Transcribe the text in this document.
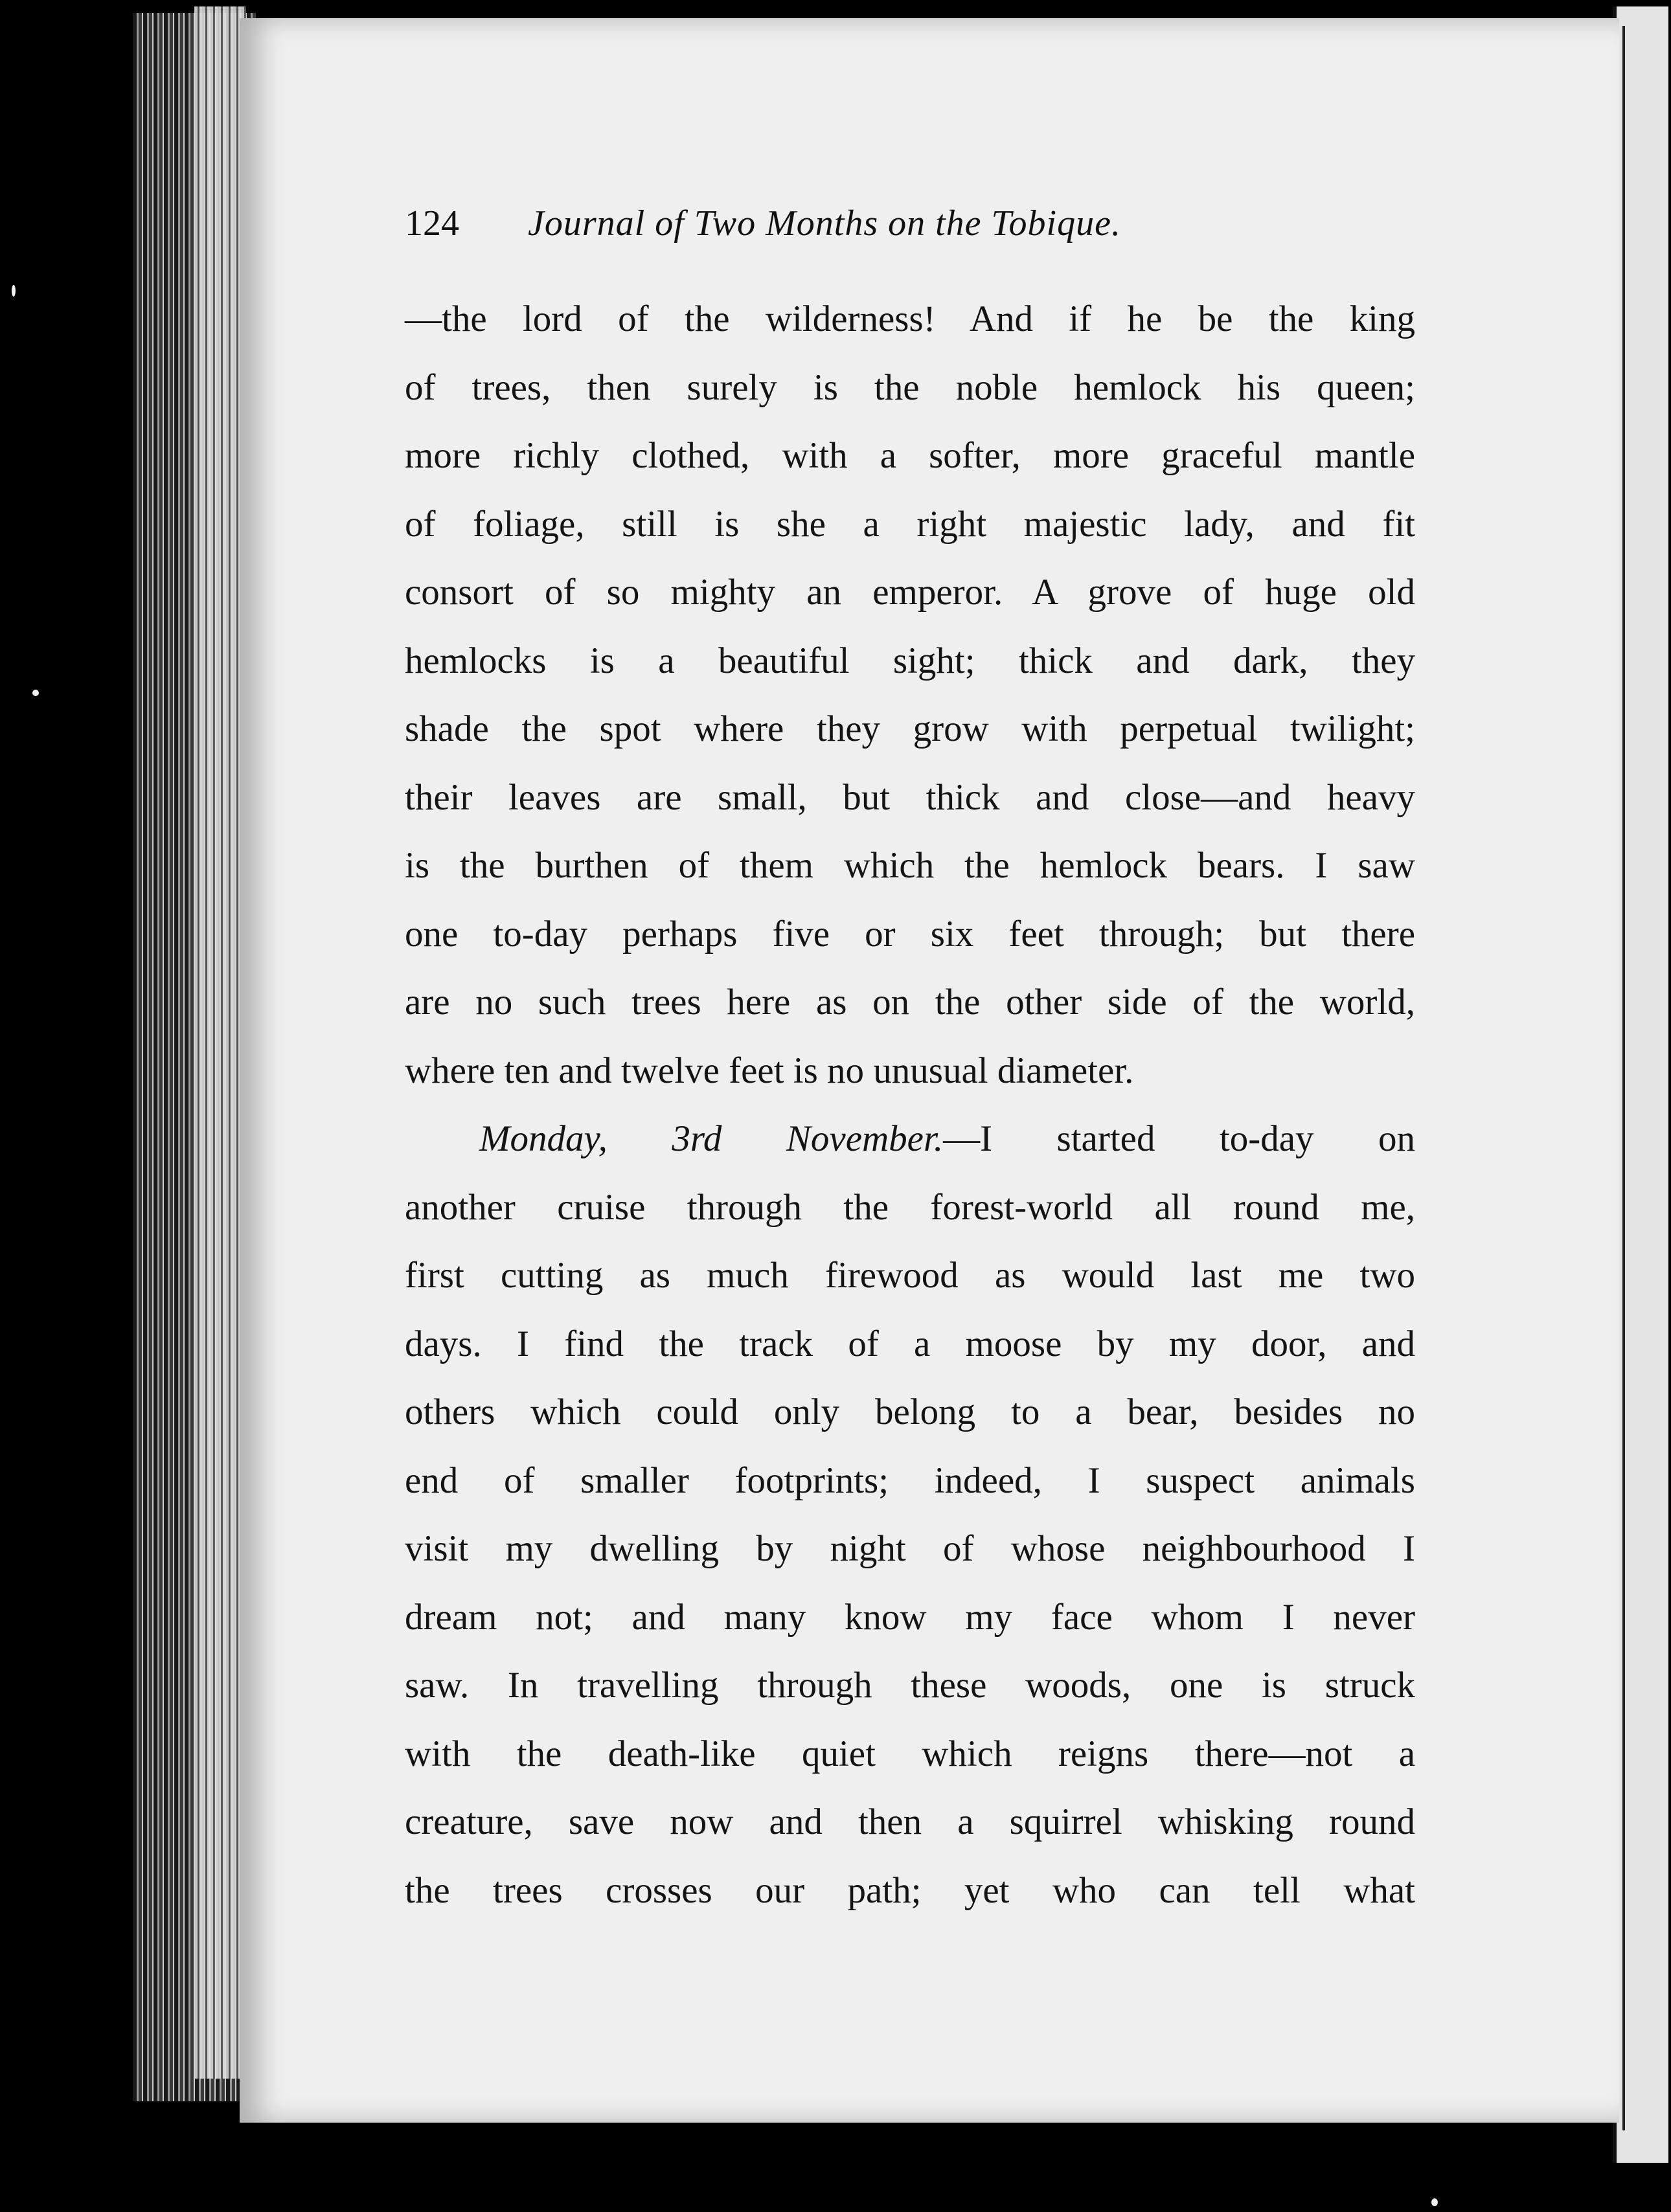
124 Journal of Two Months on the Tobique.
—the lord of the wilderness! And if he be the king
of trees, then surely is the noble hemlock his queen;
more richly clothed, with a softer, more graceful mantle
of foliage, still is she a right majestic lady, and fit
consort of so mighty an emperor. A grove of huge old
hemlocks is a beautiful sight; thick and dark, they
shade the spot where they grow with perpetual twilight;
their leaves are small, but thick and close—and heavy
is the burthen of them which the hemlock bears. I saw
one to-day perhaps five or six feet through; but there
are no such trees here as on the other side of the world,
where ten and twelve feet is no unusual diameter.
Monday, 3rd November.—I started to-day on
another cruise through the forest-world all round me,
first cutting as much firewood as would last me two
days. I find the track of a moose by my door, and
others which could only belong to a bear, besides no
end of smaller footprints; indeed, I suspect animals
visit my dwelling by night of whose neighbourhood I
dream not; and many know my face whom I never
saw. In travelling through these woods, one is struck
with the death-like quiet which reigns there—not a
creature, save now and then a squirrel whisking round
the trees crosses our path; yet who can tell what
